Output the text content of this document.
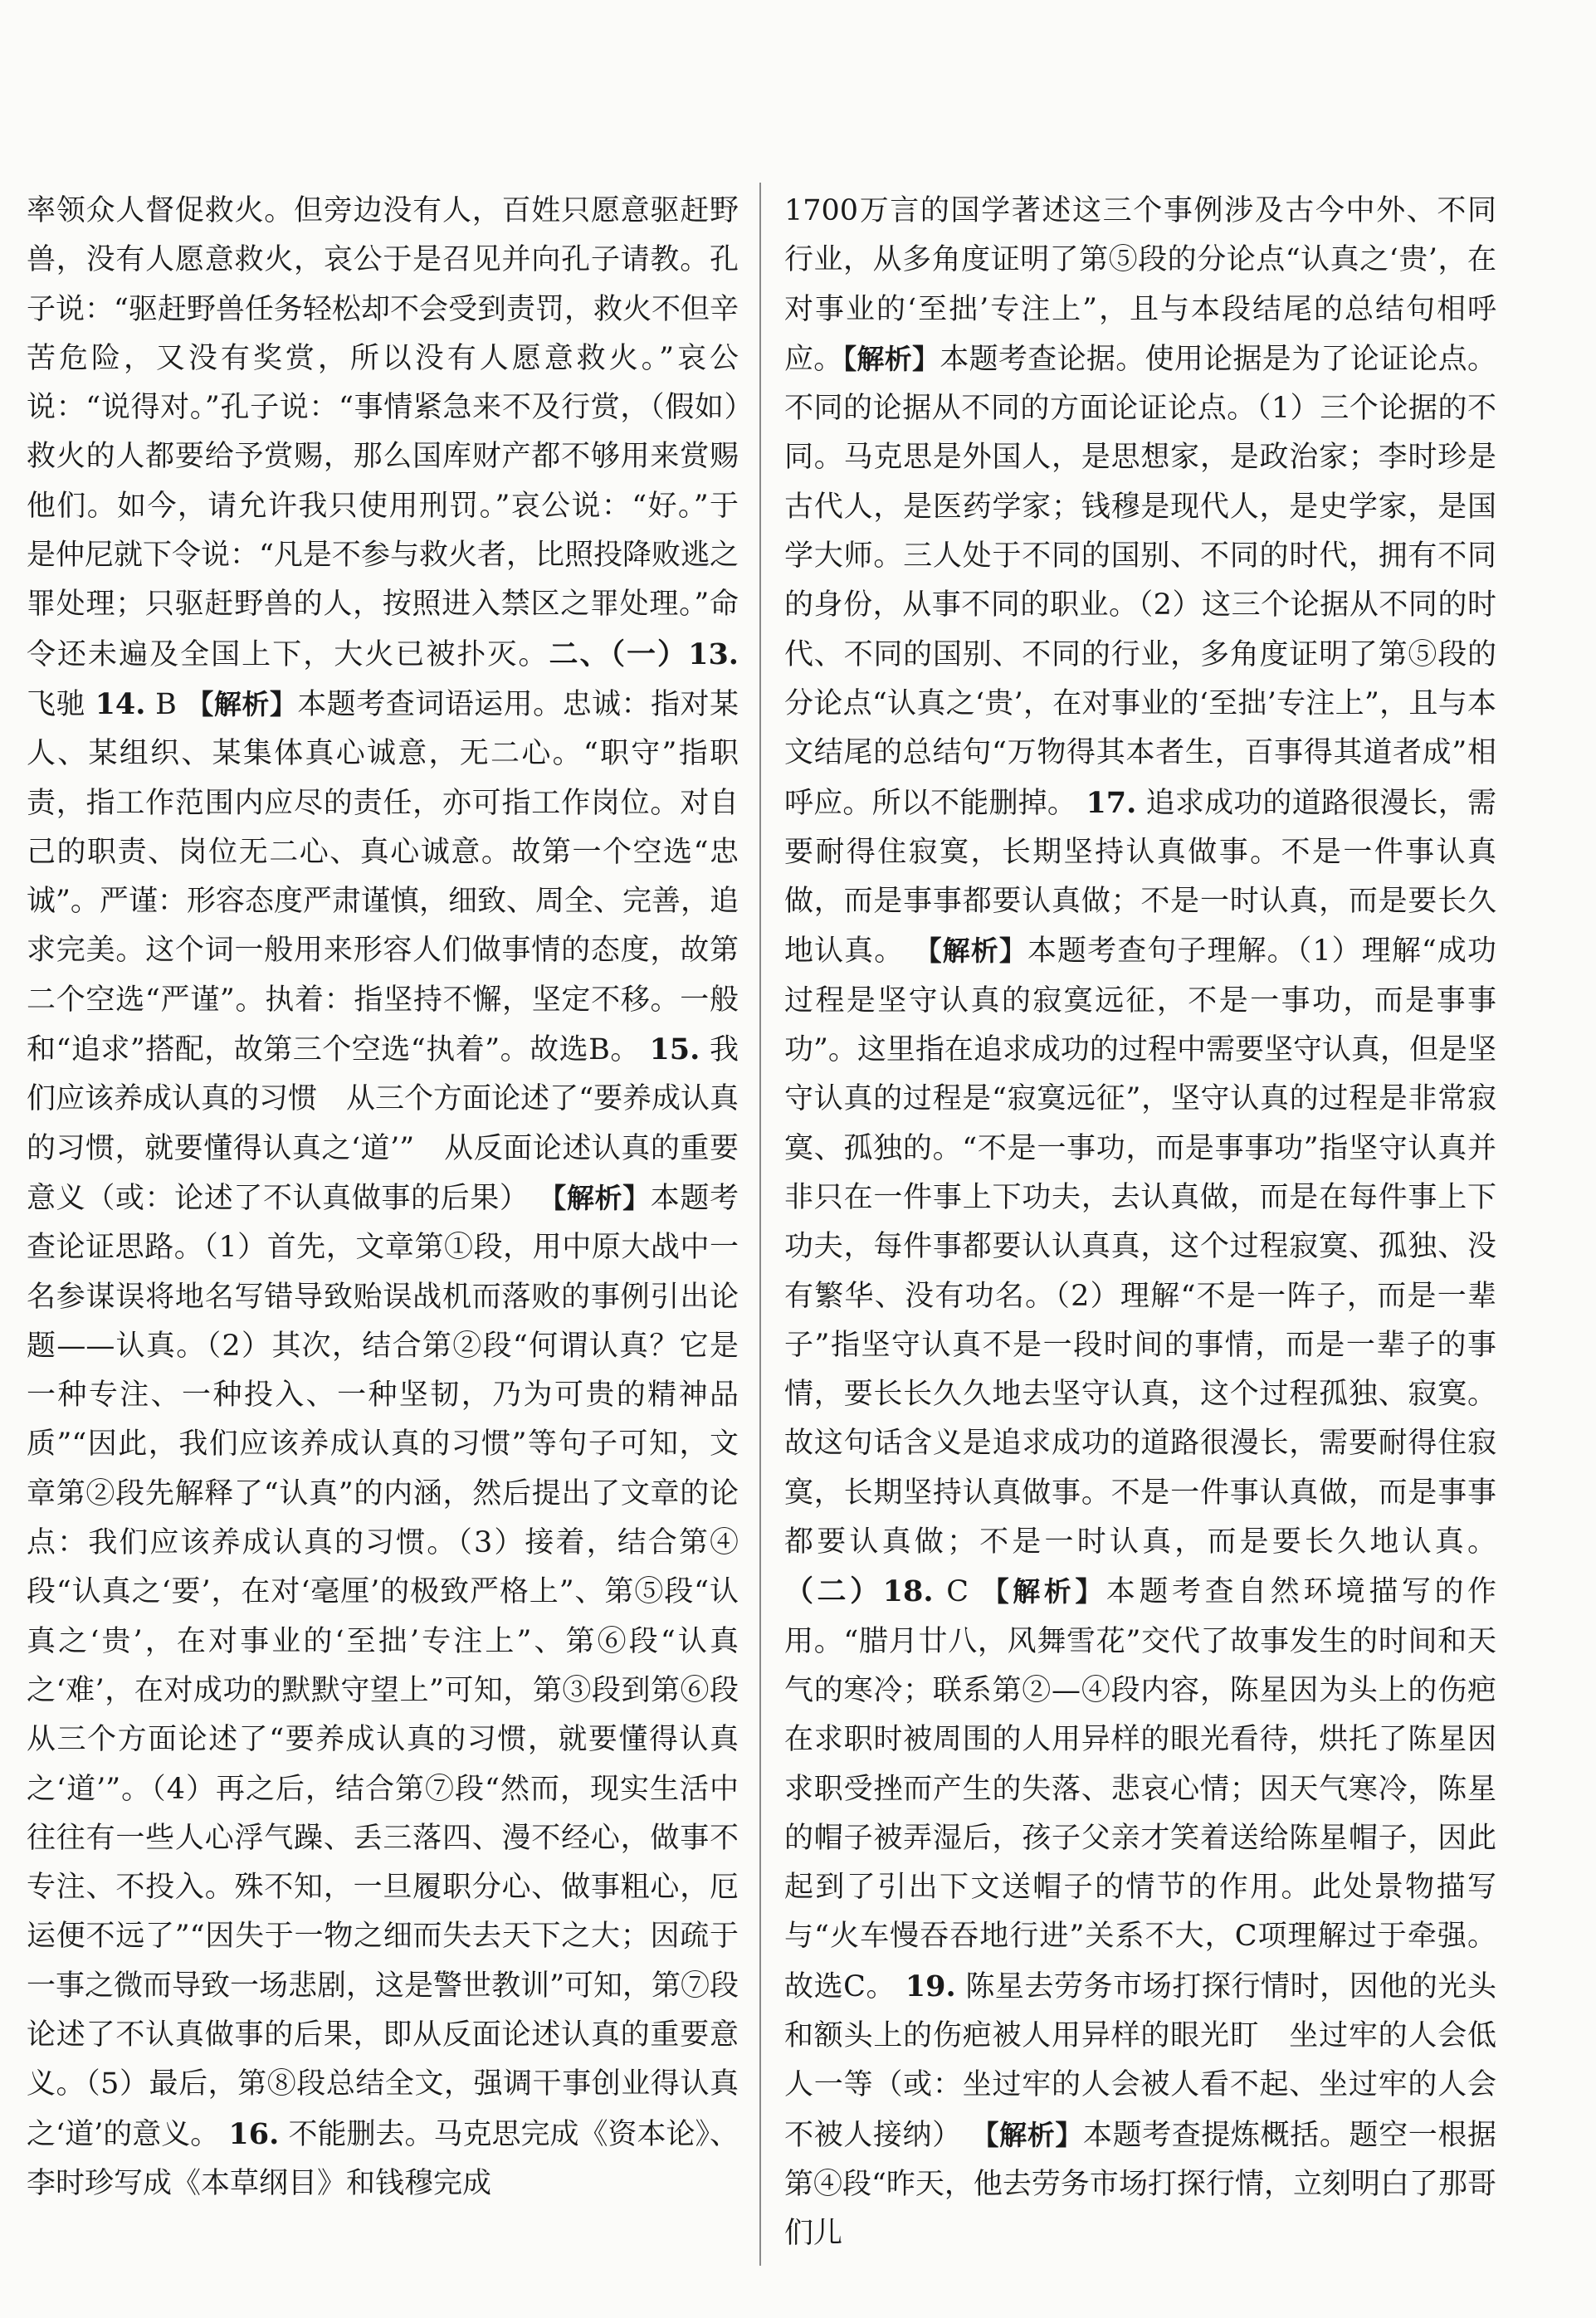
率领众人督促救火。但旁边没有人，百姓只愿意驱赶野兽，没有人愿意救火，哀公于是召见并向孔子请教。孔子说：“驱赶野兽任务轻松却不会受到责罚，救火不但辛苦危险，又没有奖赏，所以没有人愿意救火。”哀公说：“说得对。”孔子说：“事情紧急来不及行赏，（假如）救火的人都要给予赏赐，那么国库财产都不够用来赏赐他们。如今，请允许我只使用刑罚。”哀公说：“好。”于是仲尼就下令说：“凡是不参与救火者，比照投降败逃之罪处理；只驱赶野兽的人，按照进入禁区之罪处理。”命令还未遍及全国上下，大火已被扑灭。二、（一）13. 飞驰 14. B 【解析】本题考查词语运用。忠诚：指对某人、某组织、某集体真心诚意，无二心。“职守”指职责，指工作范围内应尽的责任，亦可指工作岗位。对自己的职责、岗位无二心、真心诚意。故第一个空选“忠诚”。严谨：形容态度严肃谨慎，细致、周全、完善，追求完美。这个词一般用来形容人们做事情的态度，故第二个空选“严谨”。执着：指坚持不懈，坚定不移。一般和“追求”搭配，故第三个空选“执着”。故选B。 15. 我们应该养成认真的习惯　从三个方面论述了“要养成认真的习惯，就要懂得认真之‘道’”　从反面论述认真的重要意义（或：论述了不认真做事的后果） 【解析】本题考查论证思路。（1）首先，文章第①段，用中原大战中一名参谋误将地名写错导致贻误战机而落败的事例引出论题——认真。（2）其次，结合第②段“何谓认真？它是一种专注、一种投入、一种坚韧，乃为可贵的精神品质”“因此，我们应该养成认真的习惯”等句子可知，文章第②段先解释了“认真”的内涵，然后提出了文章的论点：我们应该养成认真的习惯。（3）接着，结合第④段“认真之‘要’，在对‘毫厘’的极致严格上”、第⑤段“认真之‘贵’，在对事业的‘至拙’专注上”、第⑥段“认真之‘难’，在对成功的默默守望上”可知，第③段到第⑥段从三个方面论述了“要养成认真的习惯，就要懂得认真之‘道’”。（4）再之后，结合第⑦段“然而，现实生活中往往有一些人心浮气躁、丢三落四、漫不经心，做事不专注、不投入。殊不知，一旦履职分心、做事粗心，厄运便不远了”“因失于一物之细而失去天下之大；因疏于一事之微而导致一场悲剧，这是警世教训”可知，第⑦段论述了不认真做事的后果，即从反面论述认真的重要意义。（5）最后，第⑧段总结全文，强调干事创业得认真之‘道’的意义。 16. 不能删去。马克思完成《资本论》、李时珍写成《本草纲目》和钱穆完成

1700万言的国学著述这三个事例涉及古今中外、不同行业，从多角度证明了第⑤段的分论点“认真之‘贵’，在对事业的‘至拙’专注上”，且与本段结尾的总结句相呼应。【解析】本题考查论据。使用论据是为了论证论点。不同的论据从不同的方面论证论点。（1）三个论据的不同。马克思是外国人，是思想家，是政治家；李时珍是古代人，是医药学家；钱穆是现代人，是史学家，是国学大师。三人处于不同的国别、不同的时代，拥有不同的身份，从事不同的职业。（2）这三个论据从不同的时代、不同的国别、不同的行业，多角度证明了第⑤段的分论点“认真之‘贵’，在对事业的‘至拙’专注上”，且与本文结尾的总结句“万物得其本者生，百事得其道者成”相呼应。所以不能删掉。 17. 追求成功的道路很漫长，需要耐得住寂寞，长期坚持认真做事。不是一件事认真做，而是事事都要认真做；不是一时认真，而是要长久地认真。 【解析】本题考查句子理解。（1）理解“成功过程是坚守认真的寂寞远征，不是一事功，而是事事功”。这里指在追求成功的过程中需要坚守认真，但是坚守认真的过程是“寂寞远征”，坚守认真的过程是非常寂寞、孤独的。“不是一事功，而是事事功”指坚守认真并非只在一件事上下功夫，去认真做，而是在每件事上下功夫，每件事都要认认真真，这个过程寂寞、孤独、没有繁华、没有功名。（2）理解“不是一阵子，而是一辈子”指坚守认真不是一段时间的事情，而是一辈子的事情，要长长久久地去坚守认真，这个过程孤独、寂寞。故这句话含义是追求成功的道路很漫长，需要耐得住寂寞，长期坚持认真做事。不是一件事认真做，而是事事都要认真做；不是一时认真，而是要长久地认真。 （二）18. C 【解析】本题考查自然环境描写的作用。“腊月廿八，风舞雪花”交代了故事发生的时间和天气的寒冷；联系第②—④段内容，陈星因为头上的伤疤在求职时被周围的人用异样的眼光看待，烘托了陈星因求职受挫而产生的失落、悲哀心情；因天气寒冷，陈星的帽子被弄湿后，孩子父亲才笑着送给陈星帽子，因此起到了引出下文送帽子的情节的作用。此处景物描写与“火车慢吞吞地行进”关系不大，C项理解过于牵强。故选C。 19. 陈星去劳务市场打探行情时，因他的光头和额头上的伤疤被人用异样的眼光盯　坐过牢的人会低人一等（或：坐过牢的人会被人看不起、坐过牢的人会不被人接纳） 【解析】本题考查提炼概括。题空一根据第④段“昨天，他去劳务市场打探行情，立刻明白了那哥们儿
